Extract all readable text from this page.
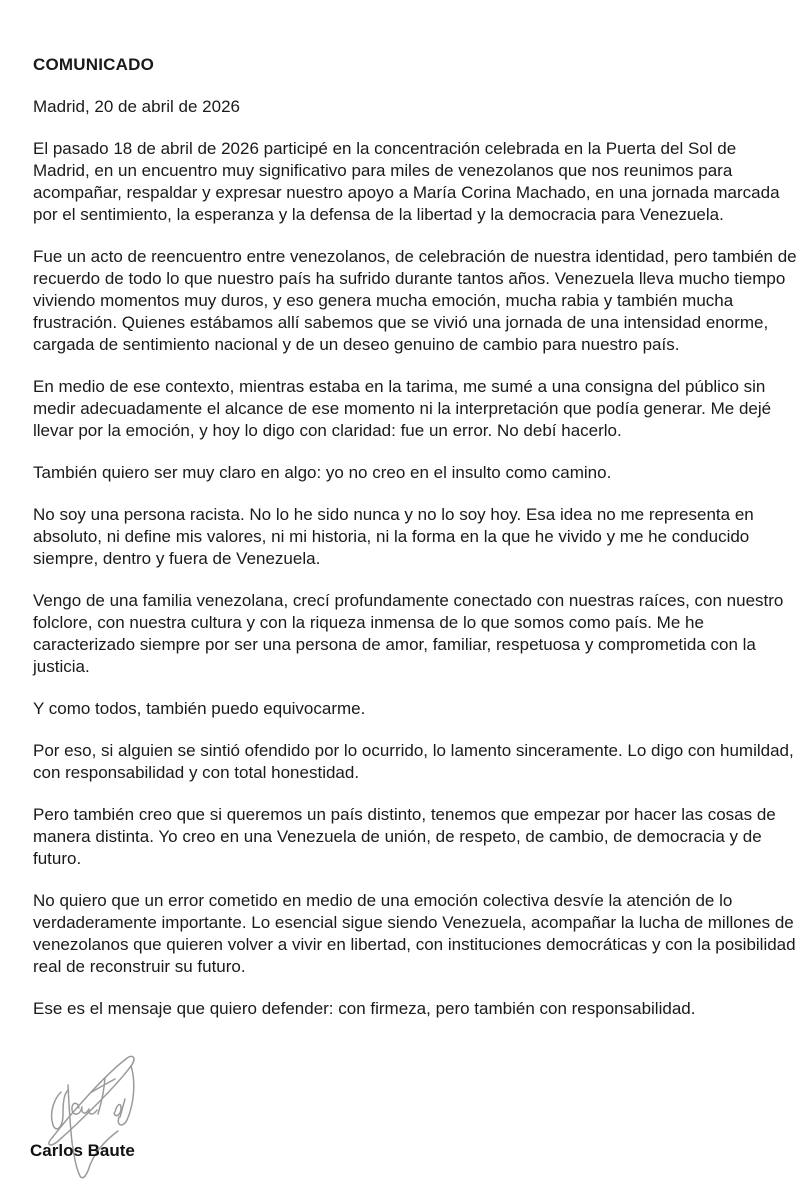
COMUNICADO

Madrid, 20 de abril de 2026

El pasado 18 de abril de 2026 participé en la concentración celebrada en la Puerta del Sol de Madrid, en un encuentro muy significativo para miles de venezolanos que nos reunimos para acompañar, respaldar y expresar nuestro apoyo a María Corina Machado, en una jornada marcada por el sentimiento, la esperanza y la defensa de la libertad y la democracia para Venezuela.

Fue un acto de reencuentro entre venezolanos, de celebración de nuestra identidad, pero también de recuerdo de todo lo que nuestro país ha sufrido durante tantos años. Venezuela lleva mucho tiempo viviendo momentos muy duros, y eso genera mucha emoción, mucha rabia y también mucha frustración. Quienes estábamos allí sabemos que se vivió una jornada de una intensidad enorme, cargada de sentimiento nacional y de un deseo genuino de cambio para nuestro país.

En medio de ese contexto, mientras estaba en la tarima, me sumé a una consigna del público sin medir adecuadamente el alcance de ese momento ni la interpretación que podía generar. Me dejé llevar por la emoción, y hoy lo digo con claridad: fue un error. No debí hacerlo.

También quiero ser muy claro en algo: yo no creo en el insulto como camino.

No soy una persona racista. No lo he sido nunca y no lo soy hoy. Esa idea no me representa en absoluto, ni define mis valores, ni mi historia, ni la forma en la que he vivido y me he conducido siempre, dentro y fuera de Venezuela.

Vengo de una familia venezolana, crecí profundamente conectado con nuestras raíces, con nuestro folclore, con nuestra cultura y con la riqueza inmensa de lo que somos como país. Me he caracterizado siempre por ser una persona de amor, familiar, respetuosa y comprometida con la justicia.

Y como todos, también puedo equivocarme.

Por eso, si alguien se sintió ofendido por lo ocurrido, lo lamento sinceramente. Lo digo con humildad, con responsabilidad y con total honestidad.

Pero también creo que si queremos un país distinto, tenemos que empezar por hacer las cosas de manera distinta. Yo creo en una Venezuela de unión, de respeto, de cambio, de democracia y de futuro.

No quiero que un error cometido en medio de una emoción colectiva desvíe la atención de lo verdaderamente importante. Lo esencial sigue siendo Venezuela, acompañar la lucha de millones de venezolanos que quieren volver a vivir en libertad, con instituciones democráticas y con la posibilidad real de reconstruir su futuro.

Ese es el mensaje que quiero defender: con firmeza, pero también con responsabilidad.

Carlos Baute
